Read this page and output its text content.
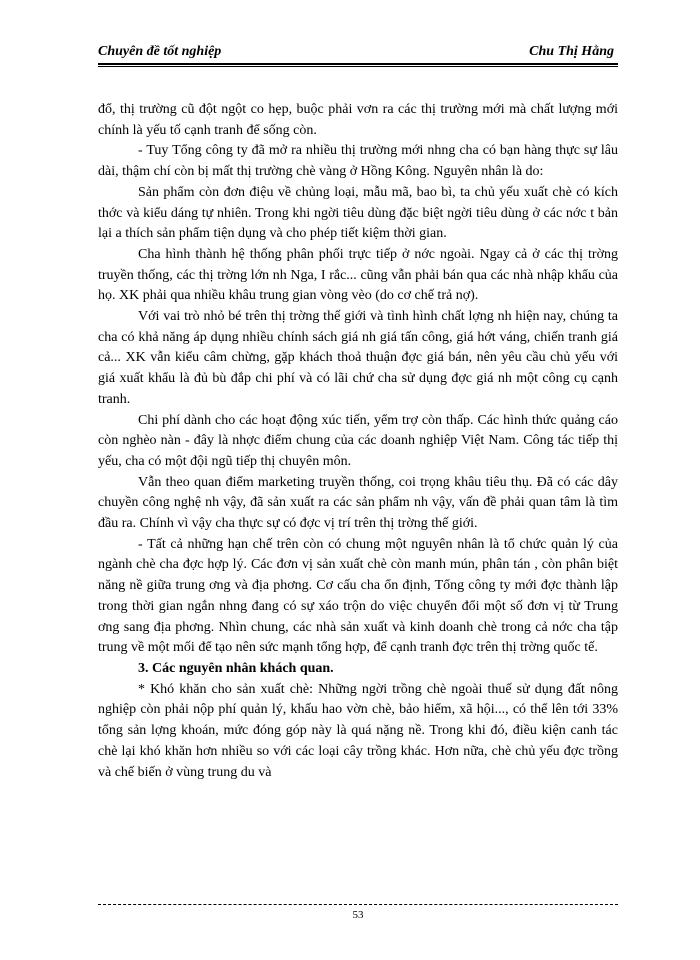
Chuyên đề tốt nghiệp	Chu Thị Hằng

đổ, thị trường cũ đột ngột co hẹp, buộc phải vơn ra các thị trường mới mà chất lượng mới chính là yếu tố cạnh tranh để sống còn.

- Tuy Tổng công ty đã mở ra nhiều thị trường mới nhng cha có bạn hàng thực sự lâu dài, thậm chí còn bị mất thị trường chè vàng ở Hồng Kông. Nguyên nhân là do:

Sản phẩm còn đơn điệu về chủng loại, mẫu mã, bao bì, ta chủ yếu xuất chè có kích thớc và kiểu dáng tự nhiên. Trong khi ngời tiêu dùng đặc biệt ngời tiêu dùng ở các nớc t bản lại a thích sản phẩm tiện dụng và cho phép tiết kiệm thời gian.

Cha hình thành hệ thống phân phối trực tiếp ở nớc ngoài. Ngay cả ở các thị trờng truyền thống, các thị trờng lớn nh Nga, I rắc... cũng vẫn phải bán qua các nhà nhập khẩu của họ. XK phải qua nhiều khâu trung gian vòng vèo (do cơ chế trả nợ).

Với vai trò nhỏ bé trên thị trờng thế giới và tình hình chất lợng nh hiện nay, chúng ta cha có khả năng áp dụng nhiều chính sách giá nh giá tấn công, giá hớt váng, chiến tranh giá cả... XK vẫn kiểu câm chừng, gặp khách thoả thuận đợc giá bán, nên yêu cầu chủ yếu với giá xuất khẩu là đủ bù đắp chi phí và có lãi chứ cha sử dụng đợc giá nh một công cụ cạnh tranh.

Chi phí dành cho các hoạt động xúc tiến, yểm trợ còn thấp. Các hình thức quảng cáo còn nghèo nàn - đây là nhợc điểm chung của các doanh nghiệp Việt Nam. Công tác tiếp thị yếu, cha có một đội ngũ tiếp thị chuyên môn.

Vẫn theo quan điểm marketing truyền thống, coi trọng khâu tiêu thụ. Đã có các dây chuyền công nghệ nh vậy, đã sản xuất ra các sản phẩm nh vậy, vấn đề phải quan tâm là tìm đầu ra. Chính vì vậy cha thực sự có đợc vị trí trên thị trờng thế giới.

- Tất cả những hạn chế trên còn có chung một nguyên nhân là tổ chức quản lý của ngành chè cha đợc hợp lý. Các đơn vị sản xuất chè còn manh mún, phân tán , còn phân biệt năng nề giữa trung ơng và địa phơng. Cơ cấu cha ổn định, Tổng công ty mới đợc thành lập trong thời gian ngắn nhng đang có sự xáo trộn do việc chuyển đổi một số đơn vị từ Trung ơng sang địa phơng. Nhìn chung, các nhà sản xuất và kinh doanh chè trong cả nớc cha tập trung về một mối để tạo nên sức mạnh tổng hợp, để cạnh tranh đợc trên thị trờng quốc tế.

3. Các nguyên nhân khách quan.

* Khó khăn cho sản xuất chè: Những ngời trồng chè ngoài thuế sử dụng đất nông nghiệp còn phải nộp phí quản lý, khấu hao vờn chè, bảo hiểm, xã hội..., có thể lên tới 33% tổng sản lợng khoán, mức đóng góp này là quá nặng nề. Trong khi đó, điều kiện canh tác chè lại khó khăn hơn nhiều so với các loại cây trồng khác. Hơn nữa, chè chủ yếu đợc trồng và chế biến ở vùng trung du và

53
